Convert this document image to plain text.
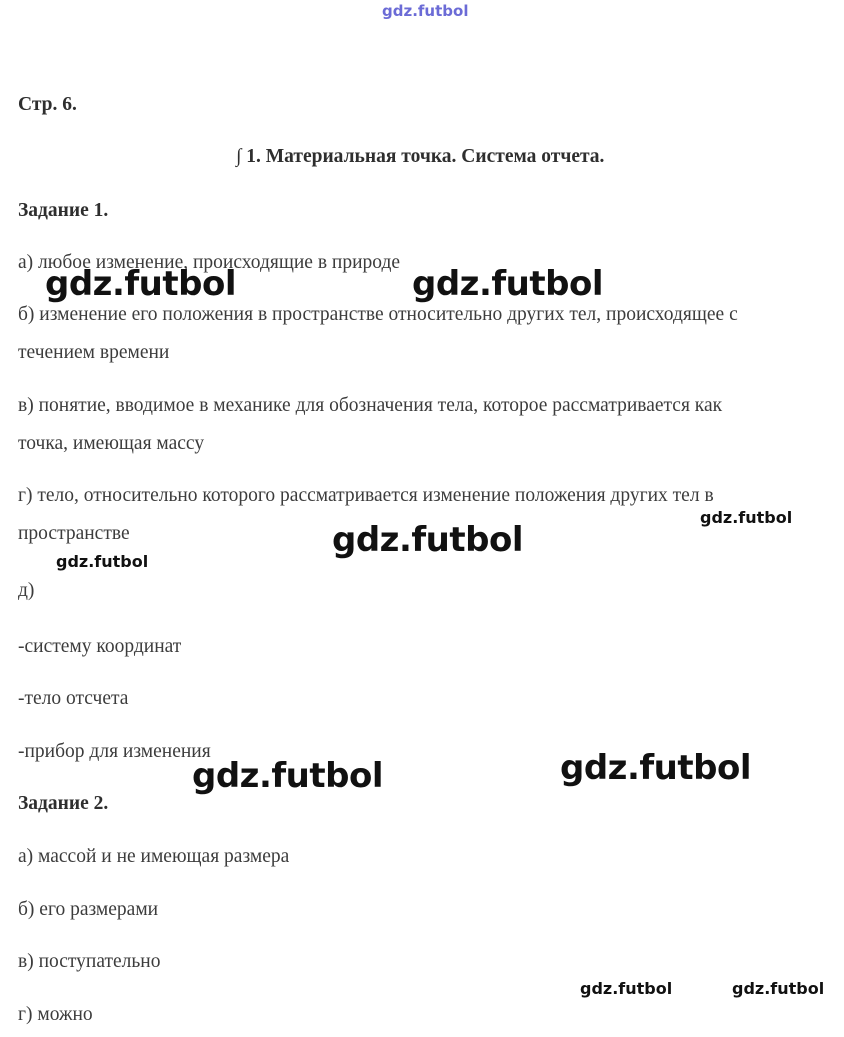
gdz.futbol
Стр. 6.
∫ 1. Материальная точка. Система отчета.
Задание 1.
а) любое изменение, происходящие в природе
б) изменение его положения в пространстве относительно других тел, происходящее с
течением времени
в) понятие, вводимое в механике для обозначения тела, которое рассматривается как
точка, имеющая массу
г) тело, относительно которого рассматривается изменение положения других тел в
пространстве
д)
-систему координат
-тело отсчета
-прибор для изменения
Задание 2.
а) массой и не имеющая размера
б) его размерами
в) поступательно
г) можно
gdz.futbol	gdz.futbol
gdz.futbol
gdz.futbol
gdz.futbol
gdz.futbol
gdz.futbol
gdz.futbol	gdz.futbol
